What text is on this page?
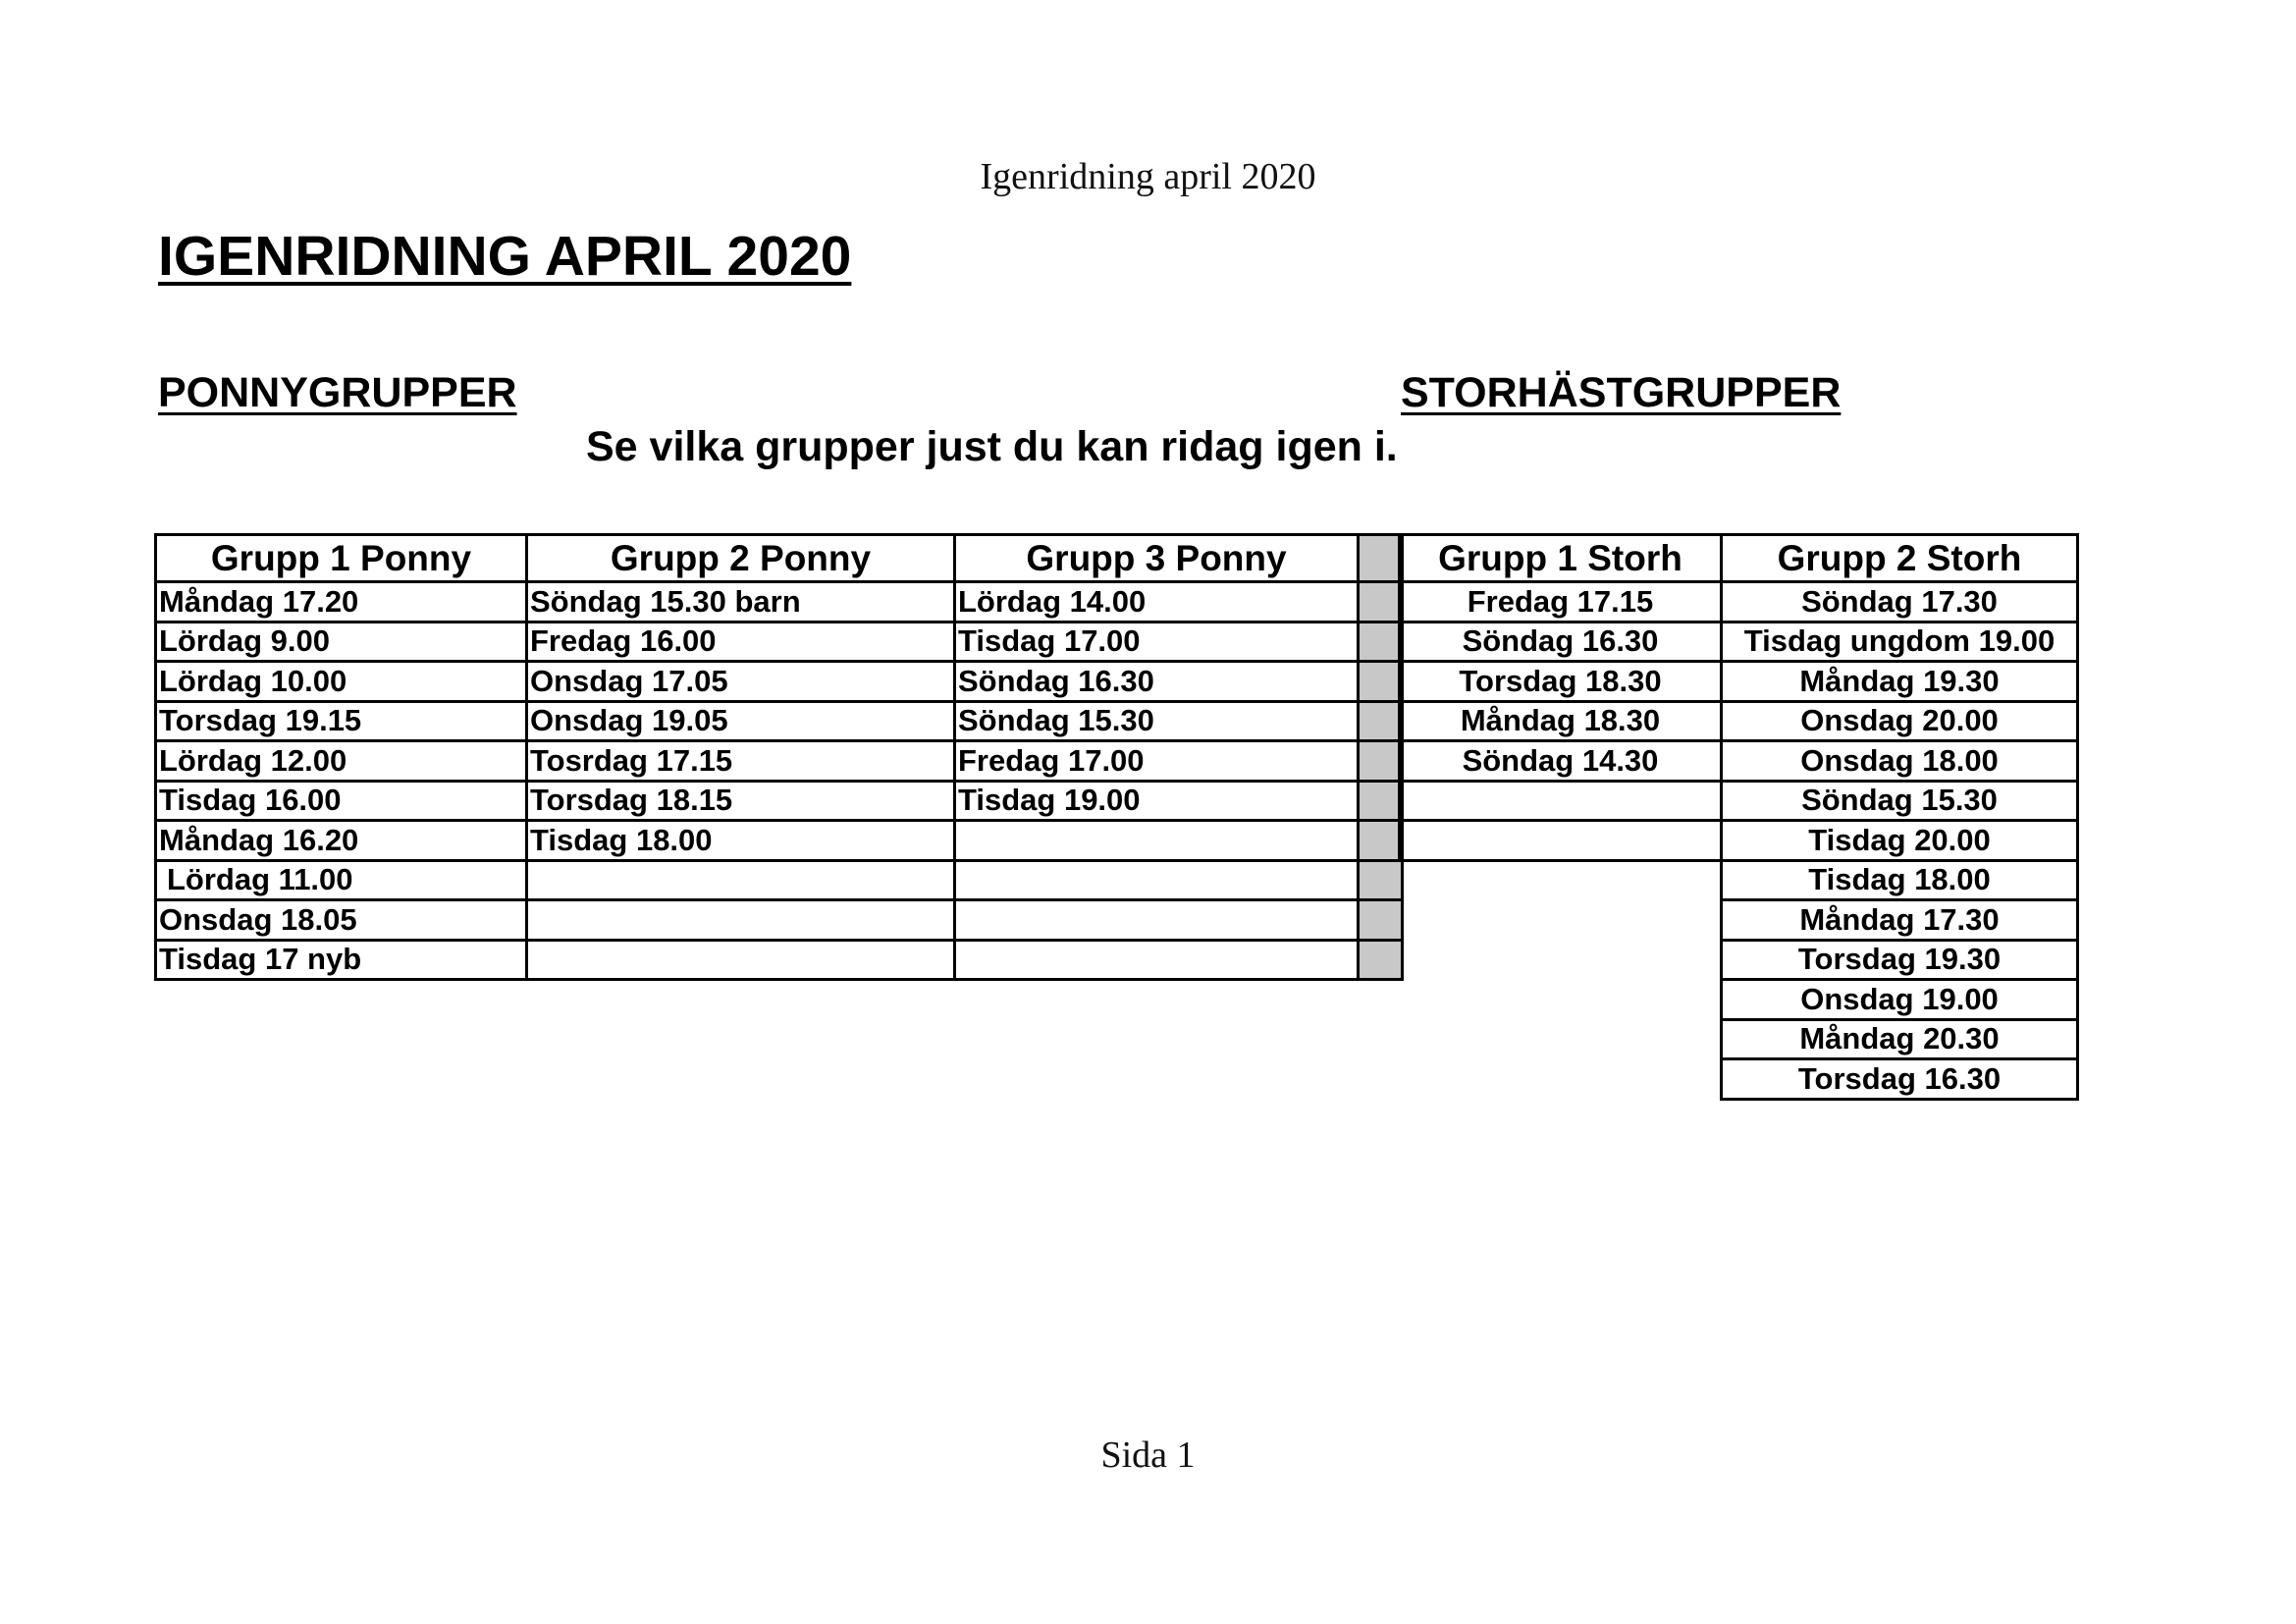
Igenridning april 2020
IGENRIDNING APRIL 2020
PONNYGRUPPER	STORHÄSTGRUPPER
Se vilka grupper just du kan ridag igen i.
Grupp 1 Ponny	Grupp 2 Ponny	Grupp 3 Ponny	
Måndag 17.20	Söndag 15.30 barn	Lördag 14.00	
Lördag 9.00	Fredag 16.00	Tisdag 17.00	
Lördag 10.00	Onsdag 17.05	Söndag 16.30	
Torsdag 19.15	Onsdag 19.05	Söndag 15.30	
Lördag 12.00	Tosrdag 17.15	Fredag 17.00	
Tisdag 16.00	Torsdag 18.15	Tisdag 19.00	
Måndag 16.20	Tisdag 18.00		
Lördag 11.00			
Onsdag 18.05			
Tisdag 17 nyb			
Grupp 1 Storh	Grupp 2 Storh
Fredag 17.15	Söndag 17.30
Söndag 16.30	Tisdag ungdom 19.00
Torsdag 18.30	Måndag 19.30
Måndag 18.30	Onsdag 20.00
Söndag 14.30	Onsdag 18.00
	Söndag 15.30
	Tisdag 20.00
	Tisdag 18.00
	Måndag 17.30
	Torsdag 19.30
	Onsdag 19.00
	Måndag 20.30
	Torsdag 16.30
Sida 1
